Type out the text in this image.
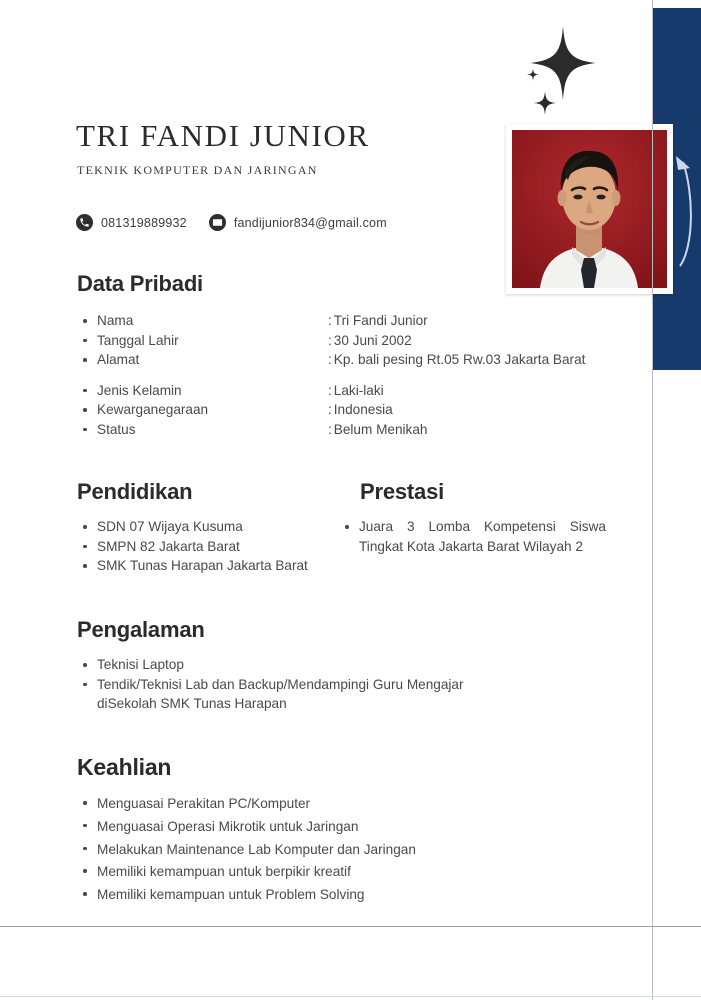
TRI FANDI JUNIOR
TEKNIK KOMPUTER DAN JARINGAN
081319889932	fandijunior834@gmail.com
Data Pribadi
Nama	: Tri Fandi Junior
Tanggal Lahir	: 30 Juni 2002
Alamat	: Kp. bali pesing Rt.05 Rw.03 Jakarta Barat
Jenis Kelamin	: Laki-laki
Kewarganegaraan	: Indonesia
Status	: Belum Menikah
Pendidikan
SDN 07 Wijaya Kusuma
SMPN 82 Jakarta Barat
SMK Tunas Harapan Jakarta Barat
Prestasi
Juara 3 Lomba Kompetensi Siswa Tingkat Kota Jakarta Barat Wilayah 2
Pengalaman
Teknisi Laptop
Tendik/Teknisi Lab dan Backup/Mendampingi Guru Mengajar diSekolah SMK Tunas Harapan
Keahlian
Menguasai Perakitan PC/Komputer
Menguasai Operasi Mikrotik untuk Jaringan
Melakukan Maintenance Lab Komputer dan Jaringan
Memiliki kemampuan untuk berpikir kreatif
Memiliki kemampuan untuk Problem Solving
